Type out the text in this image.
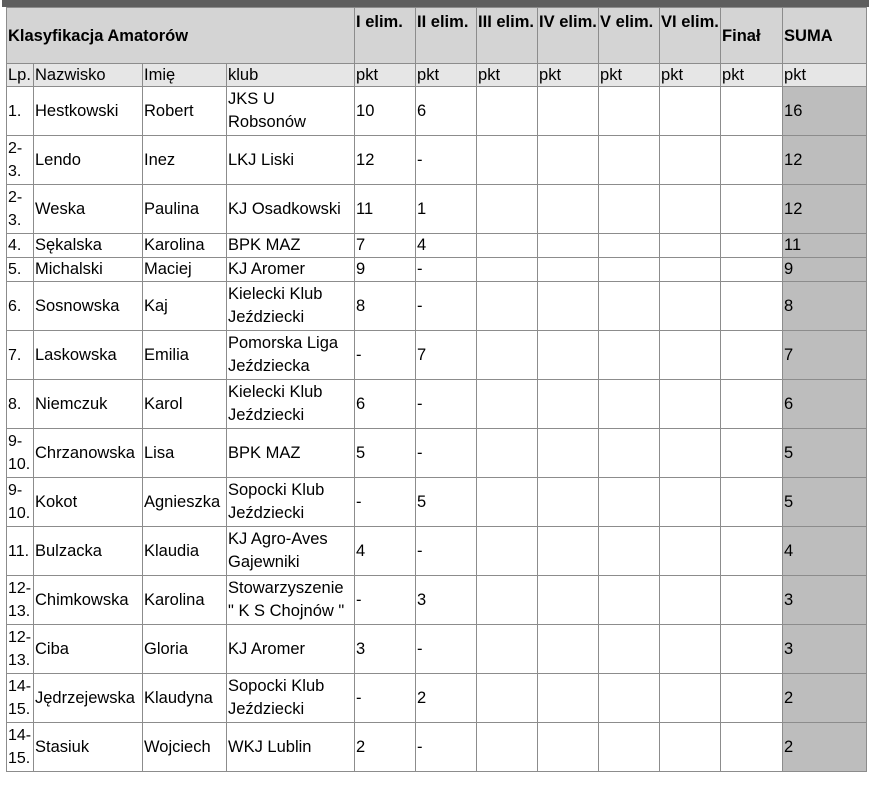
Klasyfikacja Amatorów				I elim.	II elim.	III elim.	IV elim.	V elim.	VI elim.	Finał	SUMA
Lp.	Nazwisko	Imię	klub	pkt	pkt	pkt	pkt	pkt	pkt	pkt	pkt
1.	Hestkowski	Robert	JKS U Robsonów	10	6						16
2-3.	Lendo	Inez	LKJ Liski	12	-						12
2-3.	Weska	Paulina	KJ Osadkowski	11	1						12
4.	Sękalska	Karolina	BPK MAZ	7	4						11
5.	Michalski	Maciej	KJ Aromer	9	-						9
6.	Sosnowska	Kaj	Kielecki Klub Jeździecki	8	-						8
7.	Laskowska	Emilia	Pomorska Liga Jeździecka	-	7						7
8.	Niemczuk	Karol	Kielecki Klub Jeździecki	6	-						6
9-10.	Chrzanowska	Lisa	BPK MAZ	5	-						5
9-10.	Kokot	Agnieszka	Sopocki Klub Jeździecki	-	5						5
11.	Bulzacka	Klaudia	KJ Agro-Aves Gajewniki	4	-						4
12-13.	Chimkowska	Karolina	Stowarzyszenie " K S Chojnów "	-	3						3
12-13.	Ciba	Gloria	KJ Aromer	3	-						3
14-15.	Jędrzejewska	Klaudyna	Sopocki Klub Jeździecki	-	2						2
14-15.	Stasiuk	Wojciech	WKJ Lublin	2	-						2
